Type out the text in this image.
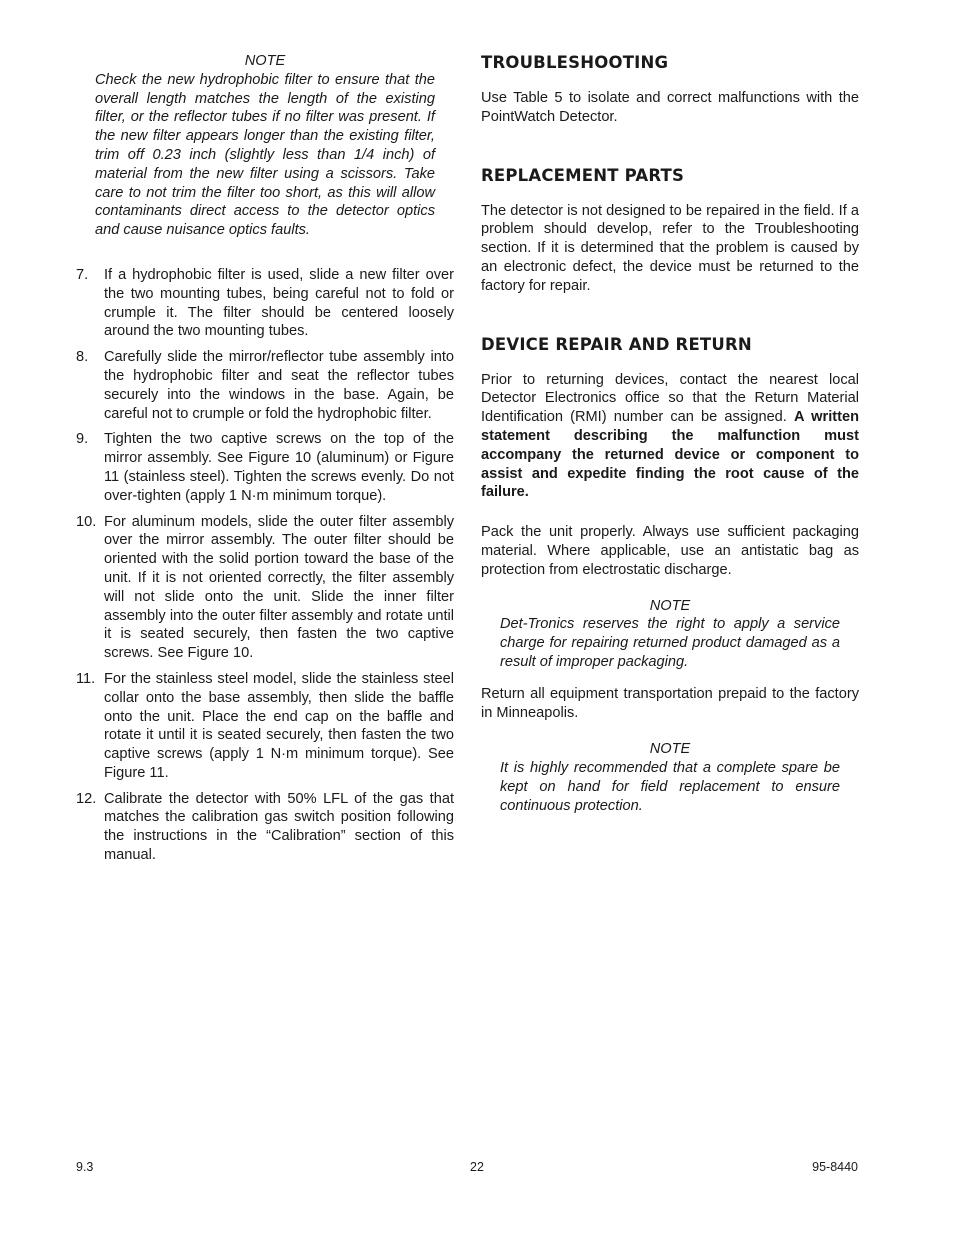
NOTE
Check the new hydrophobic filter to ensure that the overall length matches the length of the existing filter, or the reflector tubes if no filter was present. If the new filter appears longer than the existing filter, trim off 0.23 inch (slightly less than 1/4 inch) of material from the new filter using a scissors. Take care to not trim the filter too short, as this will allow contaminants direct access to the detector optics and cause nuisance optics faults.
7.	If a hydrophobic filter is used, slide a new filter over the two mounting tubes, being careful not to fold or crumple it. The filter should be centered loosely around the two mounting tubes.
8.	Carefully slide the mirror/reflector tube assembly into the hydrophobic filter and seat the reflector tubes securely into the windows in the base. Again, be careful not to crumple or fold the hydrophobic filter.
9.	Tighten the two captive screws on the top of the mirror assembly. See Figure 10 (aluminum) or Figure 11 (stainless steel). Tighten the screws evenly. Do not over-tighten (apply 1 N·m minimum torque).
10. For aluminum models, slide the outer filter assembly over the mirror assembly. The outer filter should be oriented with the solid portion toward the base of the unit. If it is not oriented correctly, the filter assembly will not slide onto the unit. Slide the inner filter assembly into the outer filter assembly and rotate until it is seated securely, then fasten the two captive screws. See Figure 10.
11. For the stainless steel model, slide the stainless steel collar onto the base assembly, then slide the baffle onto the unit. Place the end cap on the baffle and rotate it until it is seated securely, then fasten the two captive screws (apply 1 N·m minimum torque). See Figure 11.
12. Calibrate the detector with 50% LFL of the gas that matches the calibration gas switch position following the instructions in the “Calibration” section of this manual.
TROUBLESHOOTING

Use Table 5 to isolate and correct malfunctions with the PointWatch Detector.

REPLACEMENT PARTS

The detector is not designed to be repaired in the field. If a problem should develop, refer to the Troubleshooting section. If it is determined that the problem is caused by an electronic defect, the device must be returned to the factory for repair.

DEVICE REPAIR AND RETURN

Prior to returning devices, contact the nearest local Detector Electronics office so that the Return Material Identification (RMI) number can be assigned. A written statement describing the malfunction must accompany the returned device or component to assist and expedite finding the root cause of the failure.

Pack the unit properly. Always use sufficient packaging material. Where applicable, use an antistatic bag as protection from electrostatic discharge.

NOTE

Det-Tronics reserves the right to apply a service charge for repairing returned product damaged as a result of improper packaging.

Return all equipment transportation prepaid to the factory in Minneapolis.

NOTE

It is highly recommended that a complete spare be kept on hand for field replacement to ensure continuous protection.

9.3	22	95-8440
